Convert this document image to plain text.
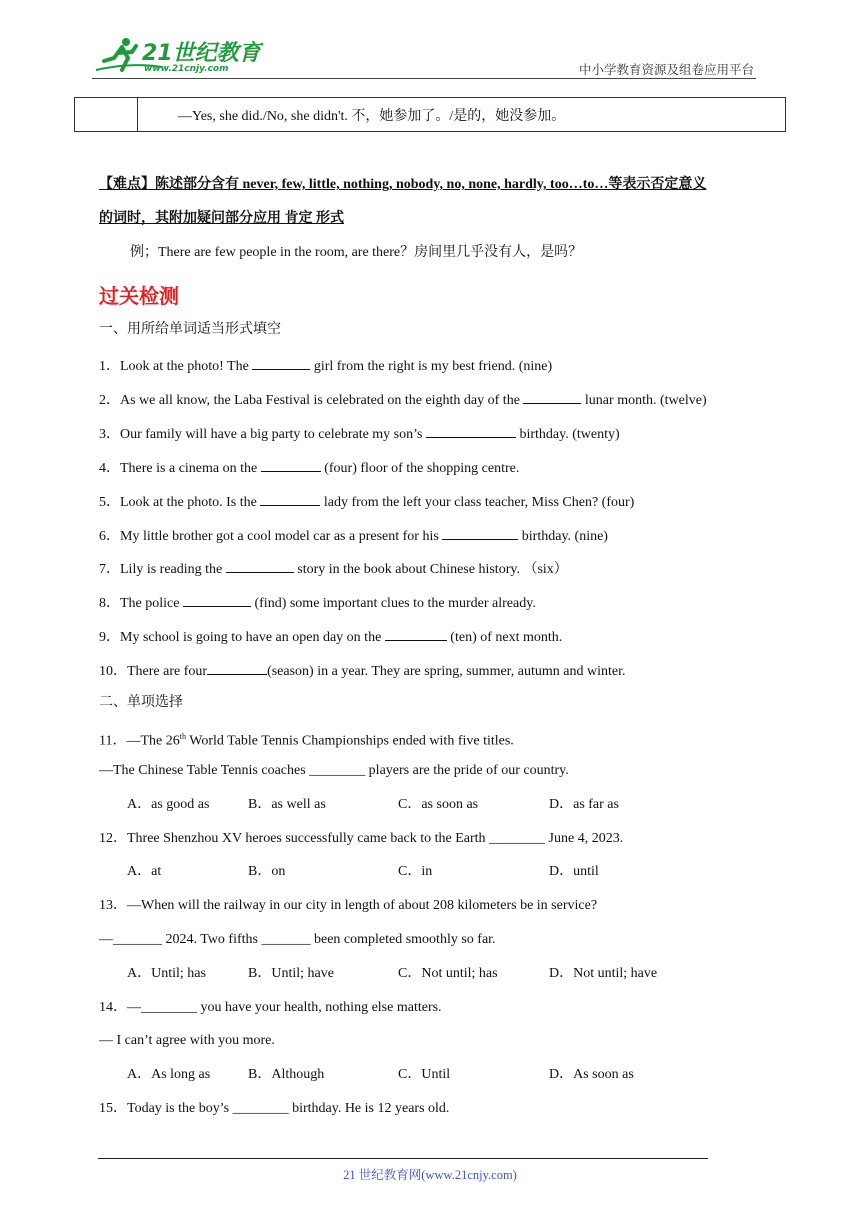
21世纪教育
www.21cnjy.com	中小学教育资源及组卷应用平台
	—Yes, she did./No, she didn't. 不，她参加了。/是的，她没参加。
【难点】陈述部分含有 never, few, little, nothing, nobody, no, none, hardly, too…to…等表示否定意义
的词时，其附加疑问部分应用 肯定 形式
例；There are few people in the room, are there？房间里几乎没有人，是吗？
过关检测
一、用所给单词适当形式填空
1．Look at the photo! The	girl from the right is my best friend. (nine)
2．As we all know, the Laba Festival is celebrated on the eighth day of the	lunar month. (twelve)
3．Our family will have a big party to celebrate my son’s	birthday. (twenty)
4．There is a cinema on the	(four) floor of the shopping centre.
5．Look at the photo. Is the	lady from the left your class teacher, Miss Chen? (four)
6．My little brother got a cool model car as a present for his	birthday. (nine)
7．Lily is reading the	story in the book about Chinese history. （six）
8．The police	(find) some important clues to the murder already.
9．My school is going to have an open day on the	(ten) of next month.
10．There are four	(season) in a year. They are spring, summer, autumn and winter.
二、单项选择
11．—The 26th World Table Tennis Championships ended with five titles.
—The Chinese Table Tennis coaches ________ players are the pride of our country.
A．as good as	B．as well as	C．as soon as	D．as far as
12．Three Shenzhou XV heroes successfully came back to the Earth ________ June 4, 2023.
A．at	B．on	C．in	D．until
13．—When will the railway in our city in length of about 208 kilometers be in service?
—_______ 2024. Two fifths _______ been completed smoothly so far.
A．Until; has	B．Until; have	C．Not until; has	D．Not until; have
14．—________ you have your health, nothing else matters.
— I can’t agree with you more.
A．As long as	B．Although	C．Until	D．As soon as
15．Today is the boy’s ________ birthday. He is 12 years old.
21 世纪教育网(www.21cnjy.com)
